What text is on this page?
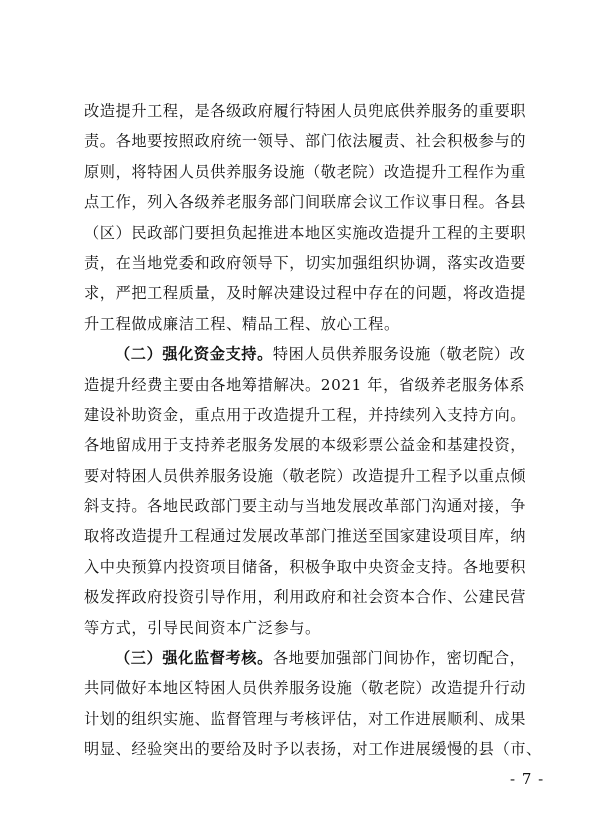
改造提升工程，是各级政府履行特困人员兜底供养服务的重要职
责。各地要按照政府统一领导、部门依法履责、社会积极参与的
原则，将特困人员供养服务设施（敬老院）改造提升工程作为重
点工作，列入各级养老服务部门间联席会议工作议事日程。各县
（区）民政部门要担负起推进本地区实施改造提升工程的主要职
责，在当地党委和政府领导下，切实加强组织协调，落实改造要
求，严把工程质量，及时解决建设过程中存在的问题，将改造提
升工程做成廉洁工程、精品工程、放心工程。
（二）强化资金支持。特困人员供养服务设施（敬老院）改
造提升经费主要由各地筹措解决。2021 年，省级养老服务体系
建设补助资金，重点用于改造提升工程，并持续列入支持方向。
各地留成用于支持养老服务发展的本级彩票公益金和基建投资，
要对特困人员供养服务设施（敬老院）改造提升工程予以重点倾
斜支持。各地民政部门要主动与当地发展改革部门沟通对接，争
取将改造提升工程通过发展改革部门推送至国家建设项目库，纳
入中央预算内投资项目储备，积极争取中央资金支持。各地要积
极发挥政府投资引导作用，利用政府和社会资本合作、公建民营
等方式，引导民间资本广泛参与。
（三）强化监督考核。各地要加强部门间协作，密切配合，
共同做好本地区特困人员供养服务设施（敬老院）改造提升行动
计划的组织实施、监督管理与考核评估，对工作进展顺利、成果
明显、经验突出的要给及时予以表扬，对工作进展缓慢的县（市、
- 7 -
